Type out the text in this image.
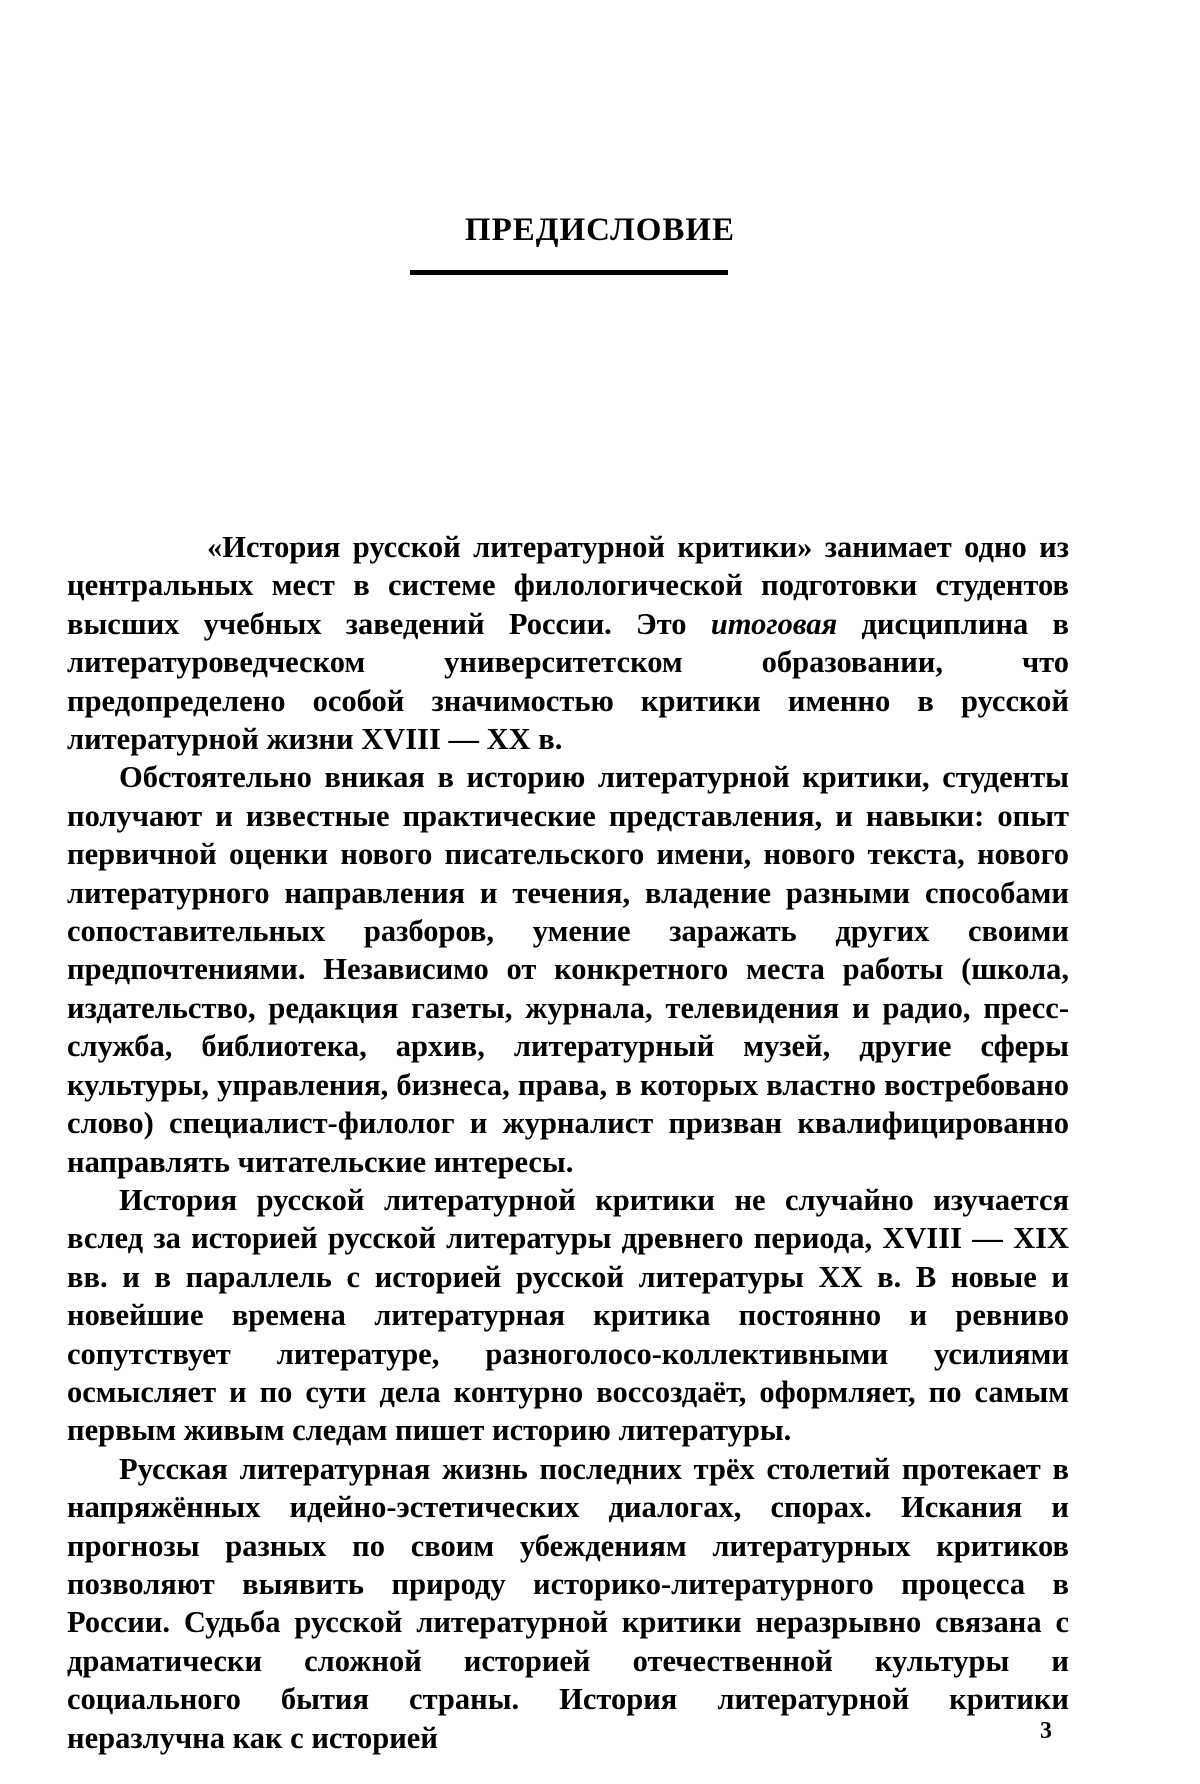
ПРЕДИСЛОВИЕ

«История русской литературной критики» занимает одно из центральных мест в системе филологической подготовки студентов высших учебных заведений России. Это итоговая дисциплина в литературоведческом университетском образовании, что предопределено особой значимостью критики именно в русской литературной жизни XVIII — XX в.

Обстоятельно вникая в историю литературной критики, студенты получают и известные практические представления, и навыки: опыт первичной оценки нового писательского имени, нового текста, нового литературного направления и течения, владение разными способами сопоставительных разборов, умение заражать других своими предпочтениями. Независимо от конкретного места работы (школа, издательство, редакция газеты, журнала, телевидения и радио, пресс-служба, библиотека, архив, литературный музей, другие сферы культуры, управления, бизнеса, права, в которых властно востребовано слово) специалист-филолог и журналист призван квалифицированно направлять читательские интересы.

История русской литературной критики не случайно изучается вслед за историей русской литературы древнего периода, XVIII — XIX вв. и в параллель с историей русской литературы XX в. В новые и новейшие времена литературная критика постоянно и ревниво сопутствует литературе, разноголосо-коллективными усилиями осмысляет и по сути дела контурно воссоздаёт, оформляет, по самым первым живым следам пишет историю литературы.

Русская литературная жизнь последних трёх столетий протекает в напряжённых идейно-эстетических диалогах, спорах. Искания и прогнозы разных по своим убеждениям литературных критиков позволяют выявить природу историко-литературного процесса в России. Судьба русской литературной критики неразрывно связана с драматически сложной историей отечественной культуры и социального бытия страны. История литературной критики неразлучна как с историей	3
